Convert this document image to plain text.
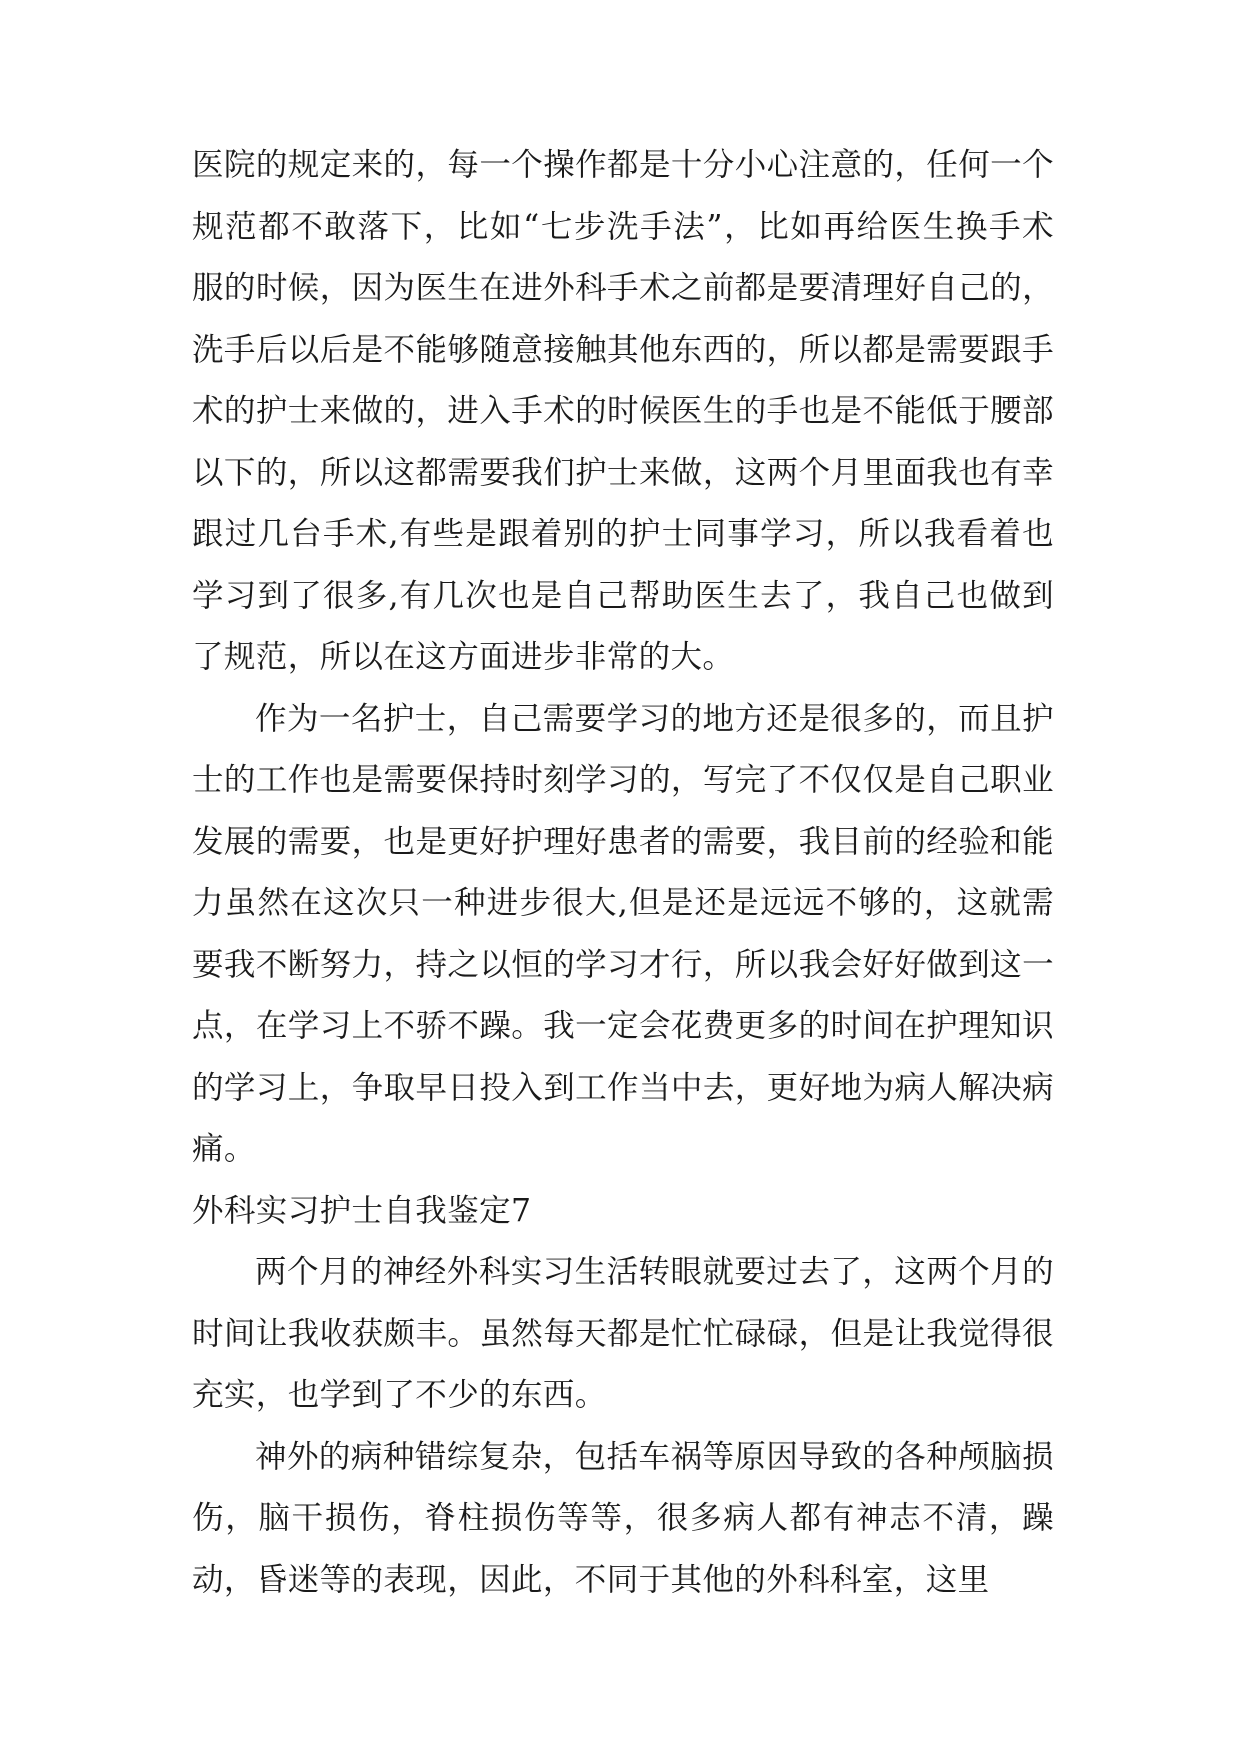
医院的规定来的，每一个操作都是十分小心注意的，任何一个规范都不敢落下，比如“七步洗手法”，比如再给医生换手术服的时候，因为医生在进外科手术之前都是要清理好自己的，洗手后以后是不能够随意接触其他东西的，所以都是需要跟手术的护士来做的，进入手术的时候医生的手也是不能低于腰部以下的，所以这都需要我们护士来做，这两个月里面我也有幸跟过几台手术,有些是跟着别的护士同事学习，所以我看着也学习到了很多,有几次也是自己帮助医生去了，我自己也做到了规范，所以在这方面进步非常的大。

作为一名护士，自己需要学习的地方还是很多的，而且护士的工作也是需要保持时刻学习的，写完了不仅仅是自己职业发展的需要，也是更好护理好患者的需要，我目前的经验和能力虽然在这次只一种进步很大,但是还是远远不够的，这就需要我不断努力，持之以恒的学习才行，所以我会好好做到这一点，在学习上不骄不躁。我一定会花费更多的时间在护理知识的学习上，争取早日投入到工作当中去，更好地为病人解决病痛。

外科实习护士自我鉴定7

两个月的神经外科实习生活转眼就要过去了，这两个月的时间让我收获颇丰。虽然每天都是忙忙碌碌，但是让我觉得很充实，也学到了不少的东西。

神外的病种错综复杂，包括车祸等原因导致的各种颅脑损伤，脑干损伤，脊柱损伤等等，很多病人都有神志不清，躁动，昏迷等的表现，因此，不同于其他的外科科室，这里
